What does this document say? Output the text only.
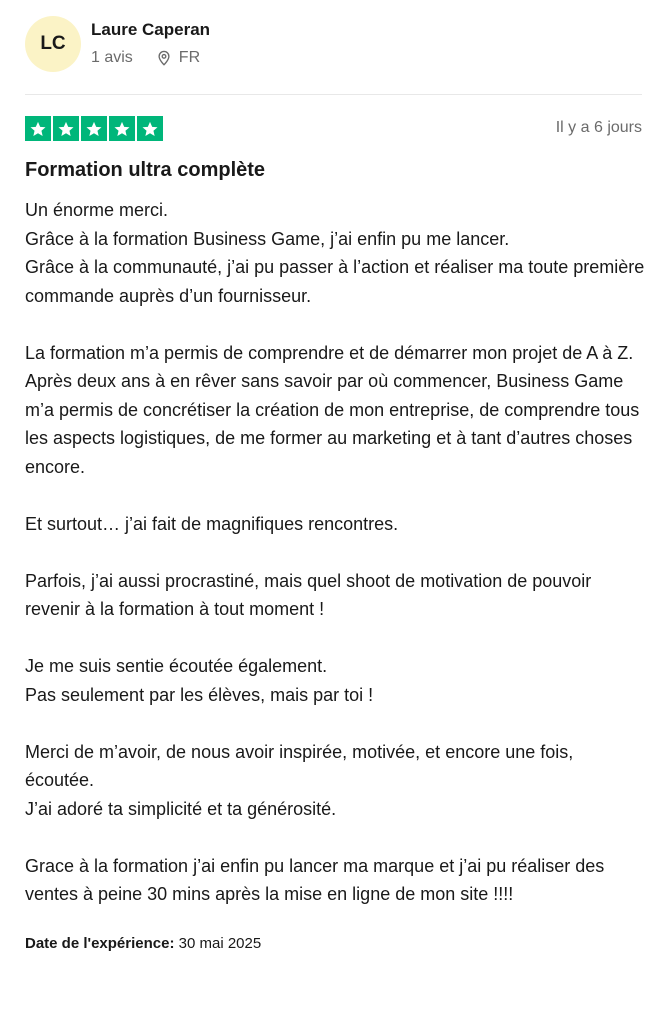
LC
Laure Caperan
1 avis	FR
Il y a 6 jours
Formation ultra complète

Un énorme merci.
Grâce à la formation Business Game, j’ai enfin pu me lancer.
Grâce à la communauté, j’ai pu passer à l’action et réaliser ma toute première commande auprès d’un fournisseur.

La formation m’a permis de comprendre et de démarrer mon projet de A à Z.
Après deux ans à en rêver sans savoir par où commencer, Business Game m’a permis de concrétiser la création de mon entreprise, de comprendre tous les aspects logistiques, de me former au marketing et à tant d’autres choses encore.

Et surtout… j’ai fait de magnifiques rencontres.

Parfois, j’ai aussi procrastiné, mais quel shoot de motivation de pouvoir revenir à la formation à tout moment !

Je me suis sentie écoutée également.
Pas seulement par les élèves, mais par toi !

Merci de m’avoir, de nous avoir inspirée, motivée, et encore une fois, écoutée.
J’ai adoré ta simplicité et ta générosité.

Grace à la formation j’ai enfin pu lancer ma marque et j’ai pu réaliser des ventes à peine 30 mins après la mise en ligne de mon site !!!!

Date de l'expérience: 30 mai 2025
